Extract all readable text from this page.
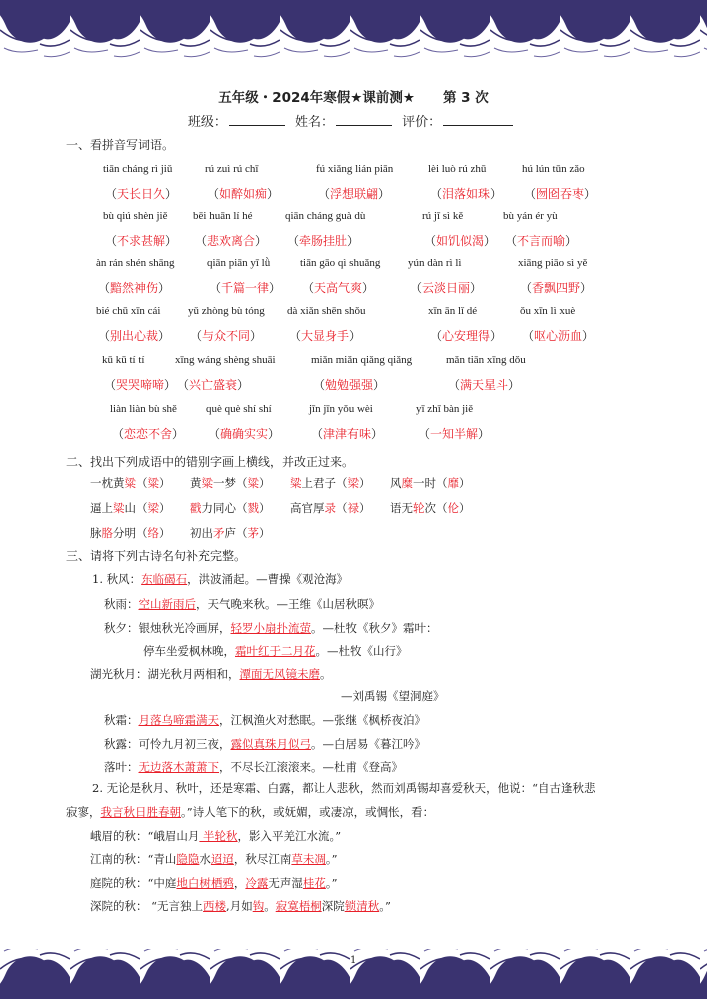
五年级・2024年寒假★课前测★ 第 3 次
班级：	姓名：	评价：
一、看拼音写词语。
tiān cháng rì jiǔ
（天长日久）
rú zuì rú chī
（如醉如痴）
fú xiǎng lián piān
（浮想联翩）
lèi luò rú zhū
（泪落如珠）
hú lún tūn zǎo
（囫囵吞枣）
bù qiú shèn jiě
（不求甚解）
bēi huān lí hé
（悲欢离合）
qiān cháng guà dù
（牵肠挂肚）
rú jī sì kě
（如饥似渴）
bù yán ér yù
（不言而喻）
àn rán shén shāng
（黯然神伤）
qiān piān yī lǜ
（千篇一律）
tiān gāo qì shuǎng
（天高气爽）
yún dàn rì lì
（云淡日丽）
xiāng piāo sì yě
（香飘四野）
bié chū xīn cái
（别出心裁）
yǔ zhòng bù tóng
（与众不同）
dà xiǎn shēn shǒu
（大显身手）
xīn ān lǐ dé
（心安理得）
ǒu xīn lì xuè
（呕心沥血）
kū kū tí tí
（哭哭啼啼）
xīng wáng shèng shuāi
（兴亡盛衰）
miǎn miǎn qiǎng qiǎng
（勉勉强强）
mǎn tiān xīng dǒu
（满天星斗）
liàn liàn bù shě
（恋恋不舍）
què què shí shí
（确确实实）
jīn jīn yǒu wèi
（津津有味）
yī zhī bàn jiě
（一知半解）
二、找出下列成语中的错别字画上横线，并改正过来。
一枕黄粱（粱） 黄粱一梦（粱） 粱上君子（梁） 风糜一时（靡）
逼上粱山（梁） 戳力同心（戮） 高官厚录（禄） 语无轮次（伦）
脉胳分明（络） 初出矛庐（茅）
三、请将下列古诗名句补充完整。
1. 秋风：东临碣石，洪波涌起。—曹操《观沧海》
秋雨：空山新雨后，天气晚来秋。—王维《山居秋暝》
秋夕：银烛秋光冷画屏，轻罗小扇扑流萤。—杜牧《秋夕》霜叶：
停车坐爱枫林晚，霜叶红于二月花。—杜牧《山行》
湖光秋月：湖光秋月两相和，潭面无风镜未磨。
—刘禹锡《望洞庭》
秋霜：月落乌啼霜满天，江枫渔火对愁眠。—张继《枫桥夜泊》
秋露：可怜九月初三夜，露似真珠月似弓。—白居易《暮江吟》
落叶：无边落木萧萧下，不尽长江滚滚来。—杜甫《登高》
2. 无论是秋月、秋叶，还是寒霜、白露，都让人悲秋，然而刘禹锡却喜爱秋天，他说：“自古逢秋悲
寂寥，我言秋日胜春朝。”诗人笔下的秋，或妩媚，或凄凉，或惆怅，看：
峨眉的秋：“峨眉山月 半轮秋，影入平羌江水流。”
江南的秋：“青山隐隐水迢迢，秋尽江南草未凋。”
庭院的秋：“中庭地白树栖鸦，冷露无声湿桂花。”
深院的秋： “无言独上西楼,月如钩。寂寞梧桐深院锁清秋。”
1
